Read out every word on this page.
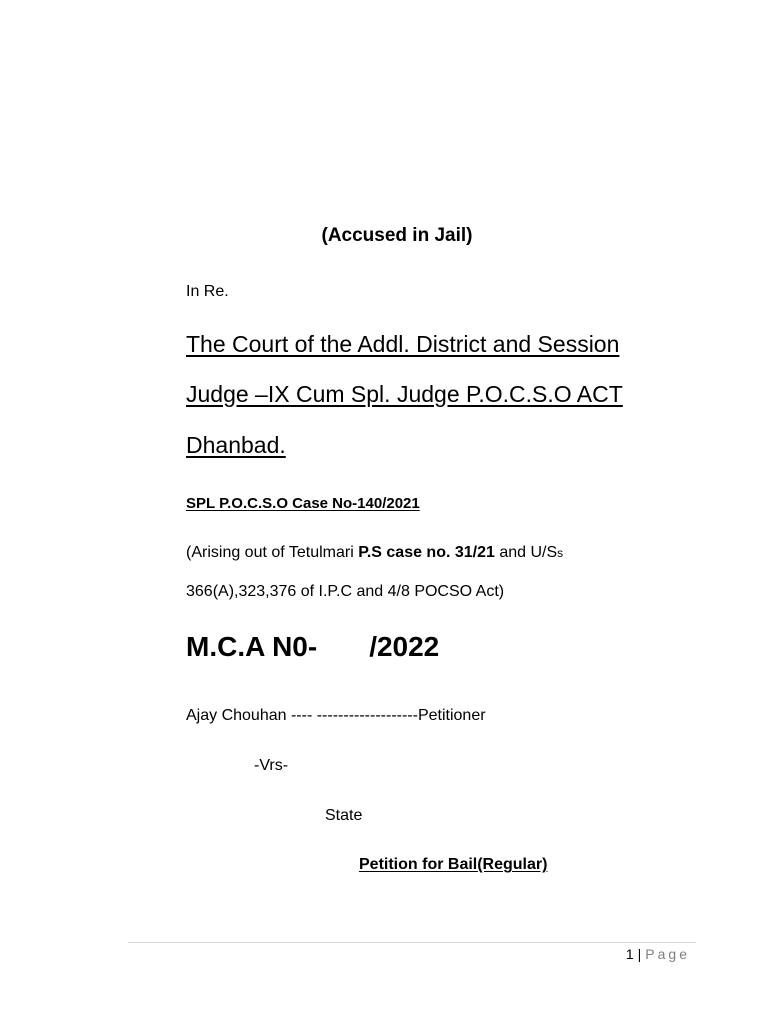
(Accused in Jail)
In Re.
The Court of the Addl. District and Session
Judge –IX Cum Spl. Judge P.O.C.S.O ACT
Dhanbad.
SPL P.O.C.S.O Case No-140/2021
(Arising out of Tetulmari P.S case no. 31/21 and U/Ss
366(A),323,376 of I.P.C and 4/8 POCSO Act)
M.C.A N0- /2022
Ajay Chouhan ---- -------------------Petitioner
-Vrs-
State
Petition for Bail(Regular)
1 | Page
